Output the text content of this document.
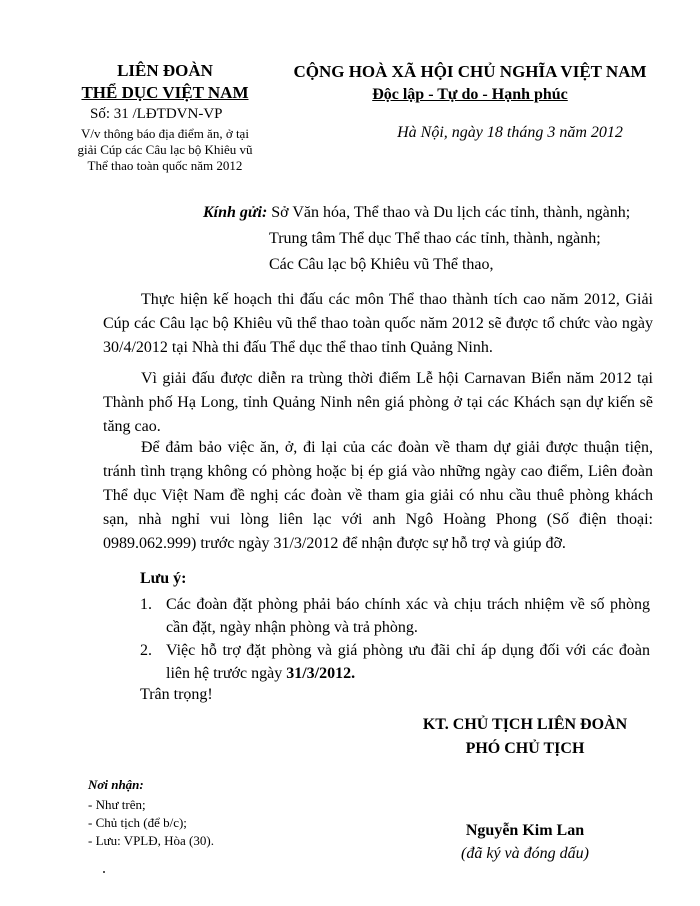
LIÊN ĐOÀN
THỂ DỤC VIỆT NAM
Số: 31 /LĐTDVN-VP
V/v thông báo địa điểm ăn, ở tại giải Cúp các Câu lạc bộ Khiêu vũ Thể thao toàn quốc năm 2012
CỘNG HOÀ XÃ HỘI CHỦ NGHĨA VIỆT NAM
Độc lập - Tự do - Hạnh phúc
Hà Nội, ngày 18 tháng 3 năm 2012
Kính gửi: Sở Văn hóa, Thể thao và Du lịch các tỉnh, thành, ngành;
Trung tâm Thể dục Thể thao các tỉnh, thành, ngành;
Các Câu lạc bộ Khiêu vũ Thể thao,

Thực hiện kế hoạch thi đấu các môn Thể thao thành tích cao năm 2012, Giải Cúp các Câu lạc bộ Khiêu vũ thể thao toàn quốc năm 2012 sẽ được tổ chức vào ngày 30/4/2012 tại Nhà thi đấu Thể dục thể thao tỉnh Quảng Ninh.

Vì giải đấu được diễn ra trùng thời điểm Lễ hội Carnavan Biển năm 2012 tại Thành phố Hạ Long, tỉnh Quảng Ninh nên giá phòng ở tại các Khách sạn dự kiến sẽ tăng cao.

Để đảm bảo việc ăn, ở, đi lại của các đoàn về tham dự giải được thuận tiện, tránh tình trạng không có phòng hoặc bị ép giá vào những ngày cao điểm, Liên đoàn Thể dục Việt Nam đề nghị các đoàn về tham gia giải có nhu cầu thuê phòng khách sạn, nhà nghỉ vui lòng liên lạc với anh Ngô Hoàng Phong (Số điện thoại: 0989.062.999) trước ngày 31/3/2012 để nhận được sự hỗ trợ và giúp đỡ.

Lưu ý:
1. Các đoàn đặt phòng phải báo chính xác và chịu trách nhiệm về số phòng cần đặt, ngày nhận phòng và trả phòng.
2. Việc hỗ trợ đặt phòng và giá phòng ưu đãi chỉ áp dụng đối với các đoàn liên hệ trước ngày 31/3/2012.
Trân trọng!
KT. CHỦ TỊCH LIÊN ĐOÀN
PHÓ CHỦ TỊCH
Nguyễn Kim Lan
(đã ký và đóng dấu)
Nơi nhận:
- Như trên;
- Chủ tịch (để b/c);
- Lưu: VPLĐ, Hòa (30).
